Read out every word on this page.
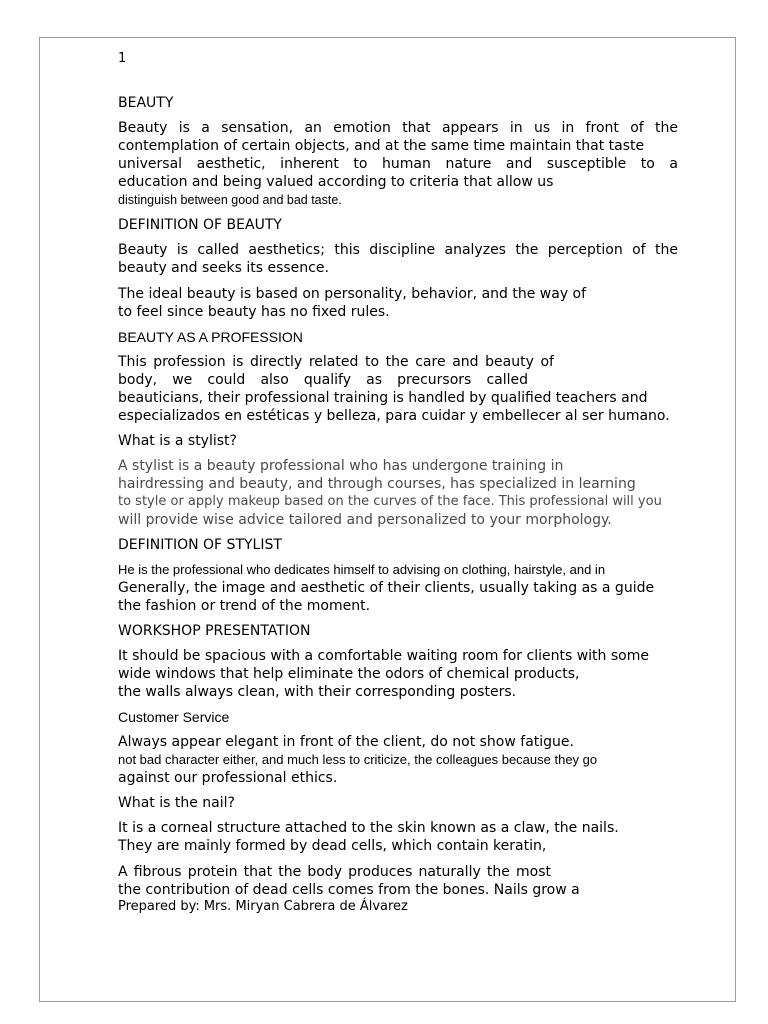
1
BEAUTY
Beauty is a sensation, an emotion that appears in us in front of the
contemplation of certain objects, and at the same time maintain that taste
universal aesthetic, inherent to human nature and susceptible to a
education and being valued according to criteria that allow us
distinguish between good and bad taste.
DEFINITION OF BEAUTY
Beauty is called aesthetics; this discipline analyzes the perception of the
beauty and seeks its essence.
The ideal beauty is based on personality, behavior, and the way of
to feel since beauty has no fixed rules.
BEAUTY AS A PROFESSION
This profession is directly related to the care and beauty of
body, we could also qualify as precursors called
beauticians, their professional training is handled by qualified teachers and
especializados en estéticas y belleza, para cuidar y embellecer al ser humano.
What is a stylist?
A stylist is a beauty professional who has undergone training in
hairdressing and beauty, and through courses, has specialized in learning
to style or apply makeup based on the curves of the face. This professional will you
will provide wise advice tailored and personalized to your morphology.
DEFINITION OF STYLIST
He is the professional who dedicates himself to advising on clothing, hairstyle, and in
Generally, the image and aesthetic of their clients, usually taking as a guide
the fashion or trend of the moment.
WORKSHOP PRESENTATION
It should be spacious with a comfortable waiting room for clients with some
wide windows that help eliminate the odors of chemical products,
the walls always clean, with their corresponding posters.
Customer Service
Always appear elegant in front of the client, do not show fatigue.
not bad character either, and much less to criticize, the colleagues because they go
against our professional ethics.
What is the nail?
It is a corneal structure attached to the skin known as a claw, the nails.
They are mainly formed by dead cells, which contain keratin,
A fibrous protein that the body produces naturally the most
the contribution of dead cells comes from the bones. Nails grow a
Prepared by: Mrs. Miryan Cabrera de Álvarez
